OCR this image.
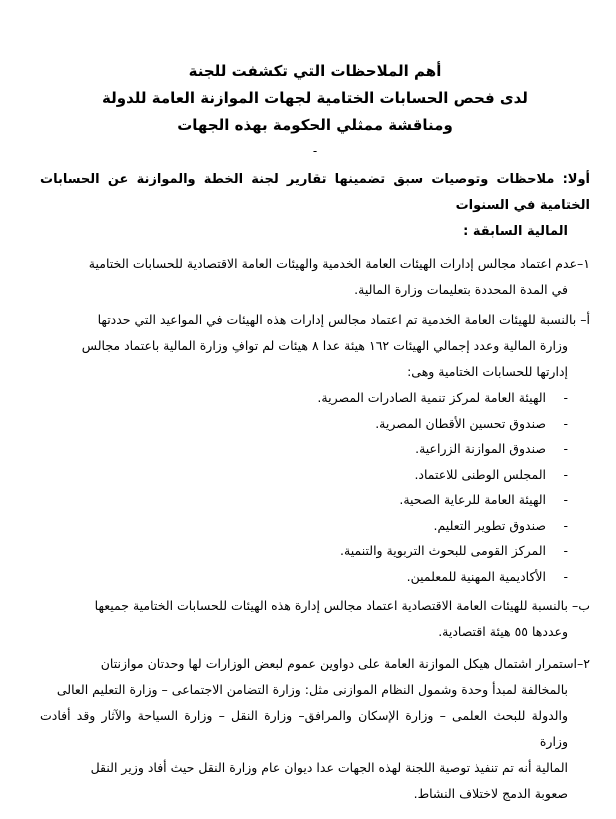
أهم الملاحظات التي تكشفت للجنة
لدى فحص الحسابات الختامية لجهات الموازنة العامة للدولة
ومناقشة ممثلي الحكومة بهذه الجهات
-
أولا: ملاحظات وتوصيات سبق تضمينها تقارير لجنة الخطة والموازنة عن الحسابات الختامية في السنوات
المالية السابقة :
١–عدم اعتماد مجالس إدارات الهيئات العامة الخدمية والهيئات العامة الاقتصادية للحسابات الختامية
في المدة المحددة بتعليمات وزارة المالية.
أ– بالنسبة للهيئات العامة الخدمية تم اعتماد مجالس إدارات هذه الهيئات في المواعيد التي حددتها
وزارة المالية وعدد إجمالي الهيئات ١٦٢ هيئة عدا ٨ هيئات لم توافِ وزارة المالية باعتماد مجالس
إدارتها للحسابات الختامية وهى:
-
الهيئة العامة لمركز تنمية الصادرات المصرية.
-
صندوق تحسين الأقطان المصرية.
-
صندوق الموازنة الزراعية.
-
المجلس الوطنى للاعتماد.
-
الهيئة العامة للرعاية الصحية.
-
صندوق تطوير التعليم.
-
المركز القومى للبحوث التربوية والتنمية.
-
الأكاديمية المهنية للمعلمين.
ب– بالنسبة للهيئات العامة الاقتصادية اعتماد مجالس إدارة هذه الهيئات للحسابات الختامية جميعها
وعددها ٥٥ هيئة اقتصادية.
٢–استمرار اشتمال هيكل الموازنة العامة على دواوين عموم لبعض الوزارات لها وحدتان موازنتان
بالمخالفة لمبدأ وحدة وشمول النظام الموازنى مثل: وزارة التضامن الاجتماعى – وزارة التعليم العالى
والدولة للبحث العلمى – وزارة الإسكان والمرافق– وزارة النقل – وزارة السياحة والآثار وقد أفادت وزارة
المالية أنه تم تنفيذ توصية اللجنة لهذه الجهات عدا ديوان عام وزارة النقل حيث أفاد وزير النقل
صعوبة الدمج لاختلاف النشاط.
